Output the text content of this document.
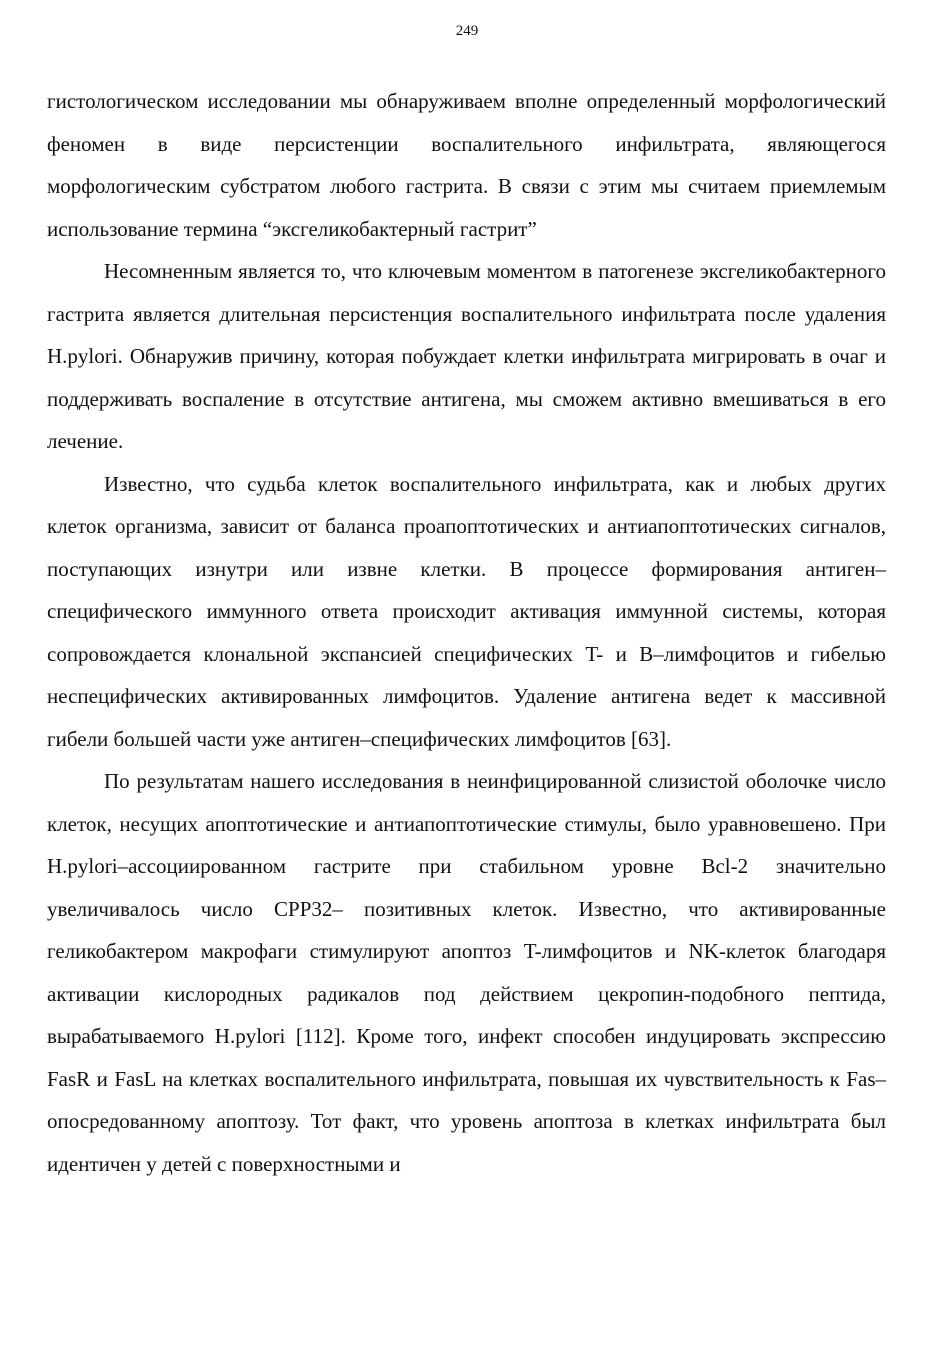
249

гистологическом исследовании мы обнаруживаем вполне определенный морфологический феномен в виде персистенции воспалительного инфильтрата, являющегося морфологическим субстратом любого гастрита. В связи с этим мы считаем приемлемым использование термина “эксгеликобактерный гастрит”

Несомненным является то, что ключевым моментом в патогенезе эксгеликобактерного гастрита является длительная персистенция воспалительного инфильтрата после удаления H.pylori. Обнаружив причину, которая побуждает клетки инфильтрата мигрировать в очаг и поддерживать воспаление в отсутствие антигена, мы сможем активно вмешиваться в его лечение.

Известно, что судьба клеток воспалительного инфильтрата, как и любых других клеток организма, зависит от баланса проапоптотических и антиапоптотических сигналов, поступающих изнутри или извне клетки. В процессе формирования антиген–специфического иммунного ответа происходит активация иммунной системы, которая сопровождается клональной экспансией специфических T- и B–лимфоцитов и гибелью неспецифических активированных лимфоцитов. Удаление антигена ведет к массивной гибели большей части уже антиген–специфических лимфоцитов [63].

По результатам нашего исследования в неинфицированной слизистой оболочке число клеток, несущих апоптотические и антиапоптотические стимулы, было уравновешено. При H.pylori–ассоциированном гастрите при стабильном уровне Bcl-2 значительно увеличивалось число CPP32– позитивных клеток. Известно, что активированные геликобактером макрофаги стимулируют апоптоз T-лимфоцитов и NK-клеток благодаря активации кислородных радикалов под действием цекропин-подобного пептида, вырабатываемого H.pylori [112]. Кроме того, инфект способен индуцировать экспрессию FasR и FasL на клетках воспалительного инфильтрата, повышая их чувствительность к Fas–опосредованному апоптозу. Тот факт, что уровень апоптоза в клетках инфильтрата был идентичен у детей с поверхностными и
